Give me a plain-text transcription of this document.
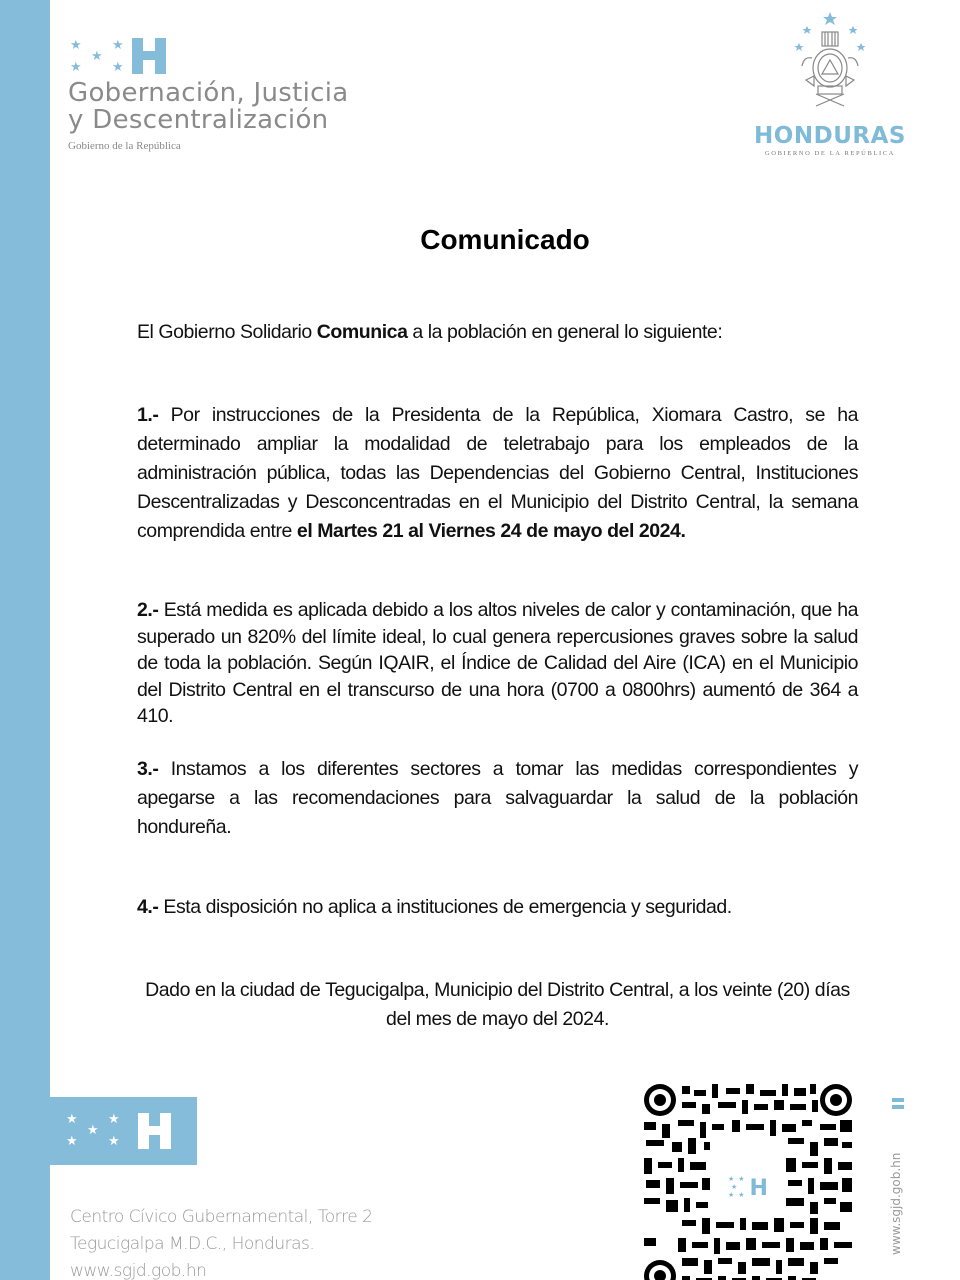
★ ★
★
★ ★
Gobernación, Justicia
y Descentralización
Gobierno de la República	HONDURAS
GOBIERNO DE LA REPÚBLICA
Comunicado

El Gobierno Solidario Comunica a la población en general lo siguiente:

1.- Por instrucciones de la Presidenta de la República, Xiomara Castro, se ha determinado ampliar la modalidad de teletrabajo para los empleados de la administración pública, todas las Dependencias del Gobierno Central, Instituciones Descentralizadas y Desconcentradas en el Municipio del Distrito Central, la semana comprendida entre el Martes 21 al Viernes 24 de mayo del 2024.

2.- Está medida es aplicada debido a los altos niveles de calor y contaminación, que ha superado un 820% del límite ideal, lo cual genera repercusiones graves sobre la salud de toda la población. Según IQAIR, el Índice de Calidad del Aire (ICA) en el Municipio del Distrito Central en el transcurso de una hora (0700 a 0800hrs) aumentó de 364 a 410.

3.- Instamos a los diferentes sectores a tomar las medidas correspondientes y apegarse a las recomendaciones para salvaguardar la salud de la población hondureña.

4.- Esta disposición no aplica a instituciones de emergencia y seguridad.

Dado en la ciudad de Tegucigalpa, Municipio del Distrito Central, a los veinte (20) días del mes de mayo del 2024.

★ ★
★
★ ★
Centro Cívico Gubernamental, Torre 2
Tegucigalpa M.D.C., Honduras.
www.sgjd.gob.hn
★ ★
★
★ ★ H	www.sgjd.gob.hn
